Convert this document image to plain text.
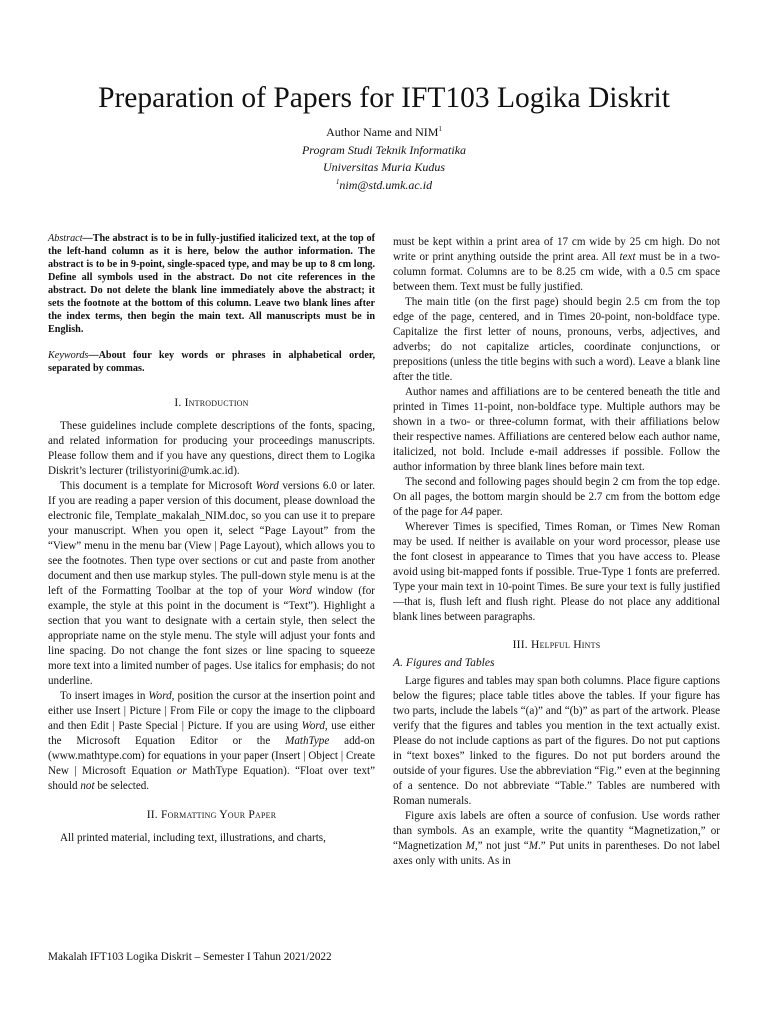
Preparation of Papers for IFT103 Logika Diskrit
Author Name and NIM$^1$
Program Studi Teknik Informatika
Universitas Muria Kudus
$^1$nim@std.umk.ac.id

Abstract—The abstract is to be in fully-justified italicized text, at the top of the left-hand column as it is here, below the author information. The abstract is to be in 9-point, single-spaced type, and may be up to 8 cm long. Define all symbols used in the abstract. Do not cite references in the abstract. Do not delete the blank line immediately above the abstract; it sets the footnote at the bottom of this column. Leave two blank lines after the index terms, then begin the main text. All manuscripts must be in English.

Keywords—About four key words or phrases in alphabetical order, separated by commas.

I. Introduction

These guidelines include complete descriptions of the fonts, spacing, and related information for producing your proceedings manuscripts. Please follow them and if you have any questions, direct them to Logika Diskrit’s lecturer (trilistyorini@umk.ac.id).

This document is a template for Microsoft Word versions 6.0 or later. If you are reading a paper version of this document, please download the electronic file, Template_makalah_NIM.doc, so you can use it to prepare your manuscript. When you open it, select “Page Layout” from the “View” menu in the menu bar (View | Page Layout), which allows you to see the footnotes. Then type over sections or cut and paste from another document and then use markup styles. The pull-down style menu is at the left of the Formatting Toolbar at the top of your Word window (for example, the style at this point in the document is “Text”). Highlight a section that you want to designate with a certain style, then select the appropriate name on the style menu. The style will adjust your fonts and line spacing. Do not change the font sizes or line spacing to squeeze more text into a limited number of pages. Use italics for emphasis; do not underline.

To insert images in Word, position the cursor at the insertion point and either use Insert | Picture | From File or copy the image to the clipboard and then Edit | Paste Special | Picture. If you are using Word, use either the Microsoft Equation Editor or the MathType add-on (www.mathtype.com) for equations in your paper (Insert | Object | Create New | Microsoft Equation or MathType Equation). “Float over text” should not be selected.

II. Formatting Your Paper

All printed material, including text, illustrations, and charts,

must be kept within a print area of 17 cm wide by 25 cm high. Do not write or print anything outside the print area. All text must be in a two-column format. Columns are to be 8.25 cm wide, with a 0.5 cm space between them. Text must be fully justified.

The main title (on the first page) should begin 2.5 cm from the top edge of the page, centered, and in Times 20-point, non-boldface type. Capitalize the first letter of nouns, pronouns, verbs, adjectives, and adverbs; do not capitalize articles, coordinate conjunctions, or prepositions (unless the title begins with such a word). Leave a blank line after the title.

Author names and affiliations are to be centered beneath the title and printed in Times 11-point, non-boldface type. Multiple authors may be shown in a two- or three-column format, with their affiliations below their respective names. Affiliations are centered below each author name, italicized, not bold. Include e-mail addresses if possible. Follow the author information by three blank lines before main text.

The second and following pages should begin 2 cm from the top edge. On all pages, the bottom margin should be 2.7 cm from the bottom edge of the page for A4 paper.

Wherever Times is specified, Times Roman, or Times New Roman may be used. If neither is available on your word processor, please use the font closest in appearance to Times that you have access to. Please avoid using bit-mapped fonts if possible. True-Type 1 fonts are preferred. Type your main text in 10-point Times. Be sure your text is fully justified—that is, flush left and flush right. Please do not place any additional blank lines between paragraphs.

III. Helpful Hints

A. Figures and Tables

Large figures and tables may span both columns. Place figure captions below the figures; place table titles above the tables. If your figure has two parts, include the labels “(a)” and “(b)” as part of the artwork. Please verify that the figures and tables you mention in the text actually exist. Please do not include captions as part of the figures. Do not put captions in “text boxes” linked to the figures. Do not put borders around the outside of your figures. Use the abbreviation “Fig.” even at the beginning of a sentence. Do not abbreviate “Table.” Tables are numbered with Roman numerals.

Figure axis labels are often a source of confusion. Use words rather than symbols. As an example, write the quantity “Magnetization,” or “Magnetization M,” not just “M.” Put units in parentheses. Do not label axes only with units. As in

Makalah IFT103 Logika Diskrit – Semester I Tahun 2021/2022
